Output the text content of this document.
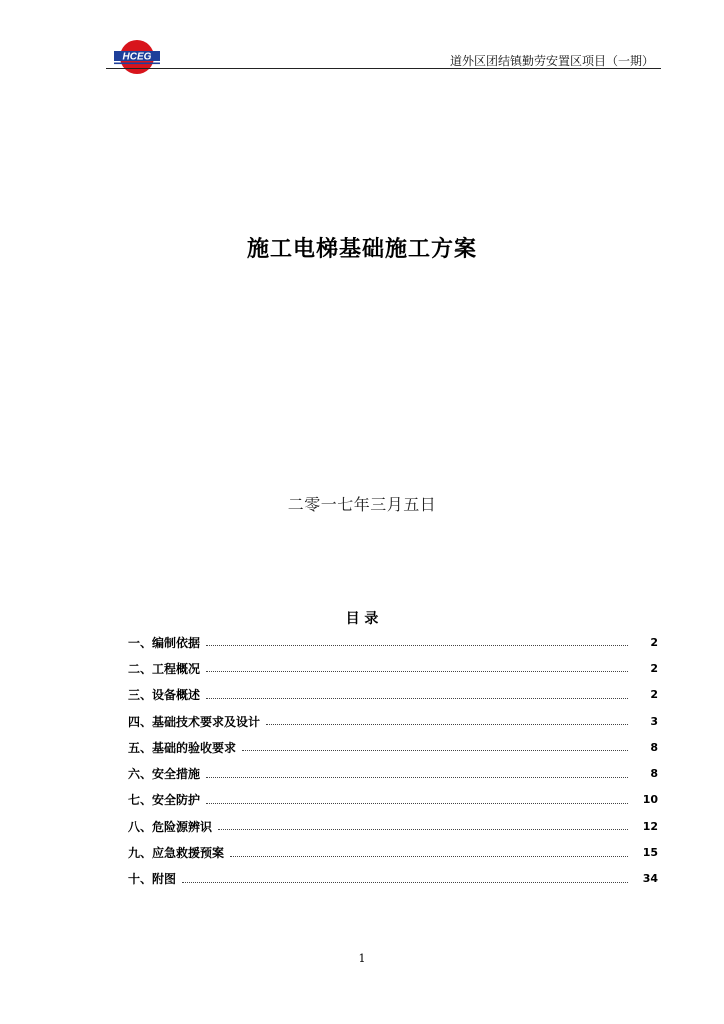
HCEG	道外区团结镇勤劳安置区项目（一期）
施工电梯基础施工方案
二零一七年三月五日
目 录
一、编制依据	2
二、工程概况	2
三、设备概述	2
四、基础技术要求及设计	3
五、基础的验收要求	8
六、安全措施	8
七、安全防护	10
八、危险源辨识	12
九、应急救援预案	15
十、附图	34
1
